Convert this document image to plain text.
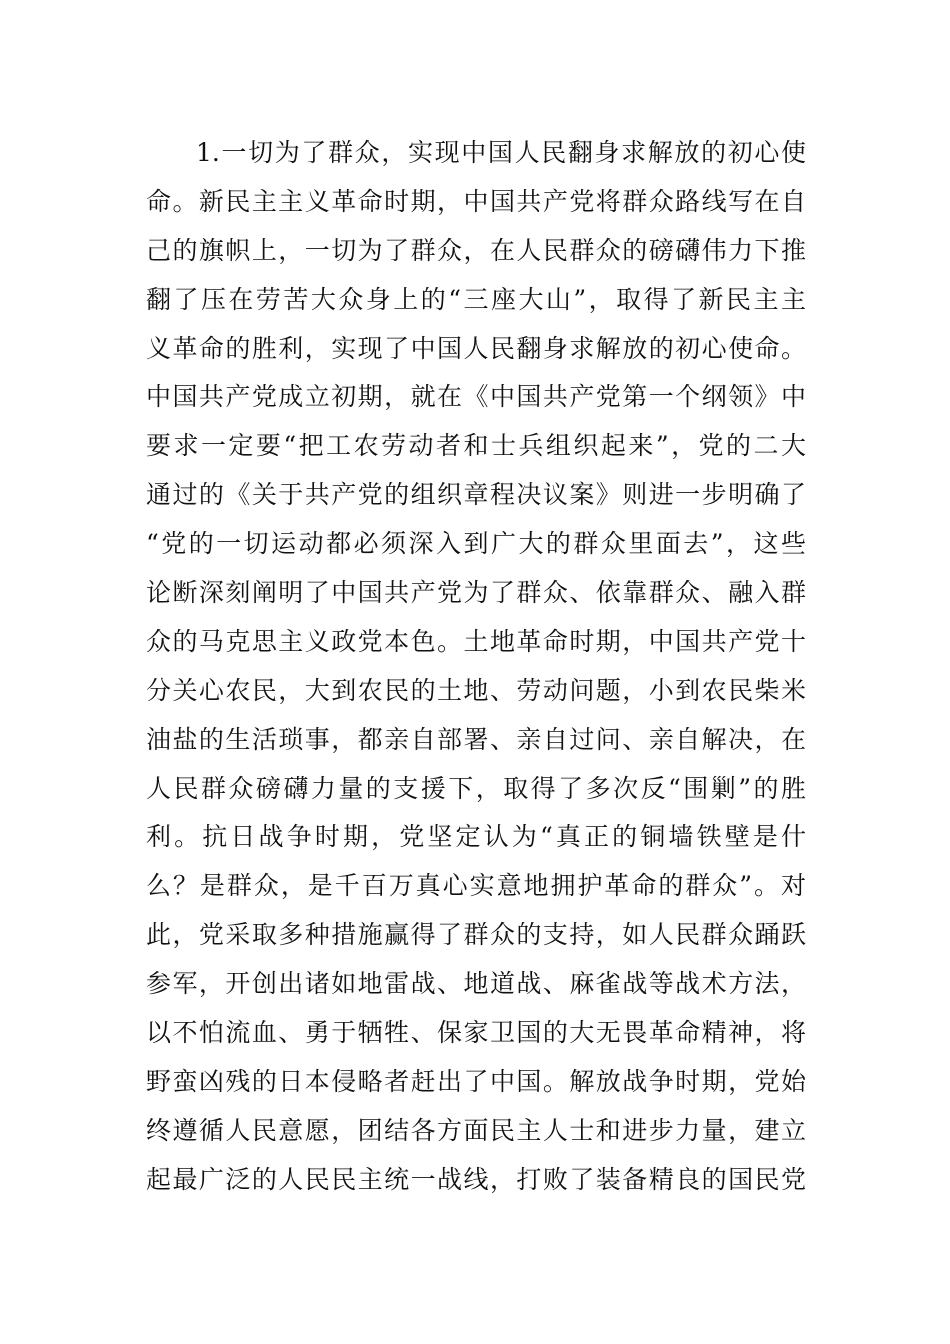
1.一切为了群众，实现中国人民翻身求解放的初心使
命。新民主主义革命时期，中国共产党将群众路线写在自
己的旗帜上，一切为了群众，在人民群众的磅礴伟力下推
翻了压在劳苦大众身上的“三座大山”，取得了新民主主
义革命的胜利，实现了中国人民翻身求解放的初心使命。
中国共产党成立初期，就在《中国共产党第一个纲领》中
要求一定要“把工农劳动者和士兵组织起来”，党的二大
通过的《关于共产党的组织章程决议案》则进一步明确了
“党的一切运动都必须深入到广大的群众里面去”，这些
论断深刻阐明了中国共产党为了群众、依靠群众、融入群
众的马克思主义政党本色。土地革命时期，中国共产党十
分关心农民，大到农民的土地、劳动问题，小到农民柴米
油盐的生活琐事，都亲自部署、亲自过问、亲自解决，在
人民群众磅礴力量的支援下，取得了多次反“围剿”的胜
利。抗日战争时期，党坚定认为“真正的铜墙铁壁是什
么？是群众，是千百万真心实意地拥护革命的群众”。对
此，党采取多种措施赢得了群众的支持，如人民群众踊跃
参军，开创出诸如地雷战、地道战、麻雀战等战术方法，
以不怕流血、勇于牺牲、保家卫国的大无畏革命精神，将
野蛮凶残的日本侵略者赶出了中国。解放战争时期，党始
终遵循人民意愿，团结各方面民主人士和进步力量，建立
起最广泛的人民民主统一战线，打败了装备精良的国民党
